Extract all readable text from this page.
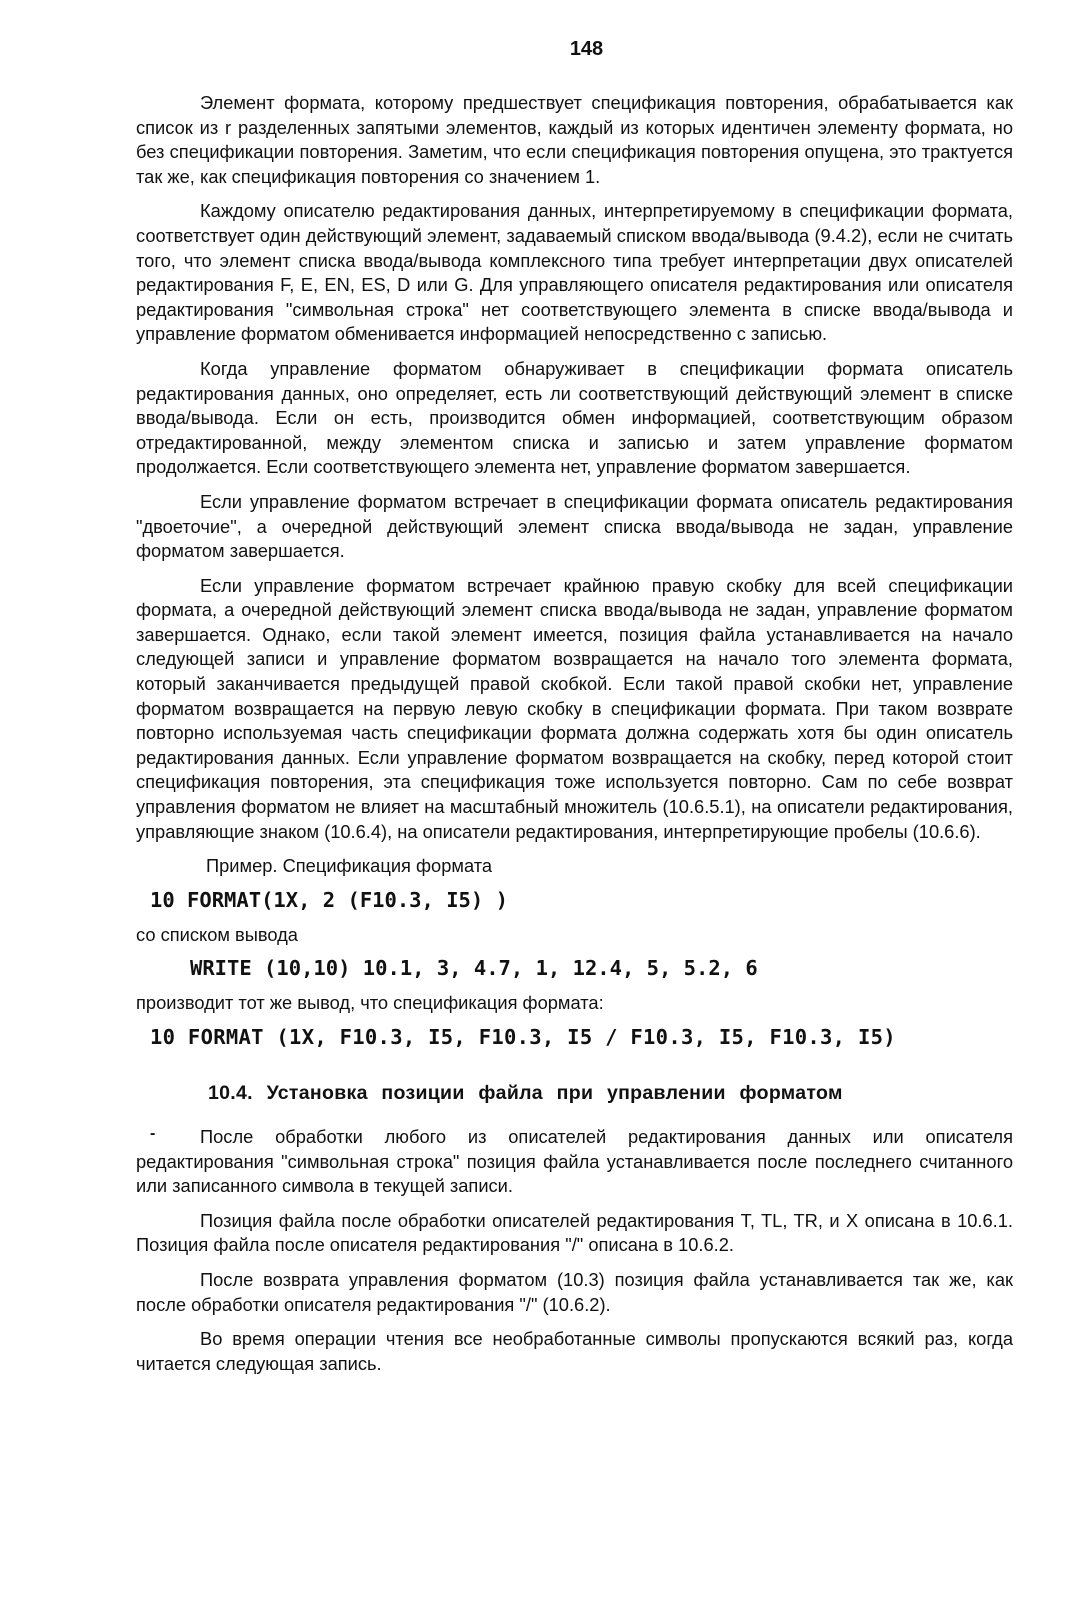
148

Элемент формата, которому предшествует спецификация повторения, обрабатывается как список из r разделенных запятыми элементов, каждый из которых идентичен элементу формата, но без спецификации повторения. Заметим, что если спецификация повторения опущена, это трактуется так же, как спецификация повторения со значением 1.

Каждому описателю редактирования данных, интерпретируемому в спецификации формата, соответствует один действующий элемент, задаваемый списком ввода/вывода (9.4.2), если не считать того, что элемент списка ввода/вывода комплексного типа требует интерпретации двух описателей редактирования F, E, EN, ES, D или G. Для управляющего описателя редактирования или описателя редактирования "символьная строка" нет соответствующего элемента в списке ввода/вывода и управление форматом обменивается информацией непосредственно с записью.

Когда управление форматом обнаруживает в спецификации формата описатель редактирования данных, оно определяет, есть ли соответствующий действующий элемент в списке ввода/вывода. Если он есть, производится обмен информацией, соответствующим образом отредактированной, между элементом списка и записью и затем управление форматом продолжается. Если соответствующего элемента нет, управление форматом завершается.

Если управление форматом встречает в спецификации формата описатель редактирования "двоеточие", а очередной действующий элемент списка ввода/вывода не задан, управление форматом завершается.

Если управление форматом встречает крайнюю правую скобку для всей спецификации формата, а очередной действующий элемент списка ввода/вывода не задан, управление форматом завершается. Однако, если такой элемент имеется, позиция файла устанавливается на начало следующей записи и управление форматом возвращается на начало того элемента формата, который заканчивается предыдущей правой скобкой. Если такой правой скобки нет, управление форматом возвращается на первую левую скобку в спецификации формата. При таком возврате повторно используемая часть спецификации формата должна содержать хотя бы один описатель редактирования данных. Если управление форматом возвращается на скобку, перед которой стоит спецификация повторения, эта спецификация тоже используется повторно. Сам по себе возврат управления форматом не влияет на масштабный множитель (10.6.5.1), на описатели редактирования, управляющие знаком (10.6.4), на описатели редактирования, интерпретирующие пробелы (10.6.6).

Пример. Спецификация формата

10 FORMAT(1X, 2 (F10.3, I5) )

со списком вывода

WRITE (10,10) 10.1, 3, 4.7, 1, 12.4, 5, 5.2, 6

производит тот же вывод, что спецификация формата:

10 FORMAT (1X, F10.3, I5, F10.3, I5 / F10.3, I5, F10.3, I5)
10.4. Установка позиции файла при управлении форматом
-	После обработки любого из описателей редактирования данных или описателя редактирования "символьная строка" позиция файла устанавливается после последнего считанного или записанного символа в текущей записи.

Позиция файла после обработки описателей редактирования T, TL, TR, и X описана в 10.6.1. Позиция файла после описателя редактирования "/" описана в 10.6.2.

После возврата управления форматом (10.3) позиция файла устанавливается так же, как после обработки описателя редактирования "/" (10.6.2).

Во время операции чтения все необработанные символы пропускаются всякий раз, когда читается следующая запись.
